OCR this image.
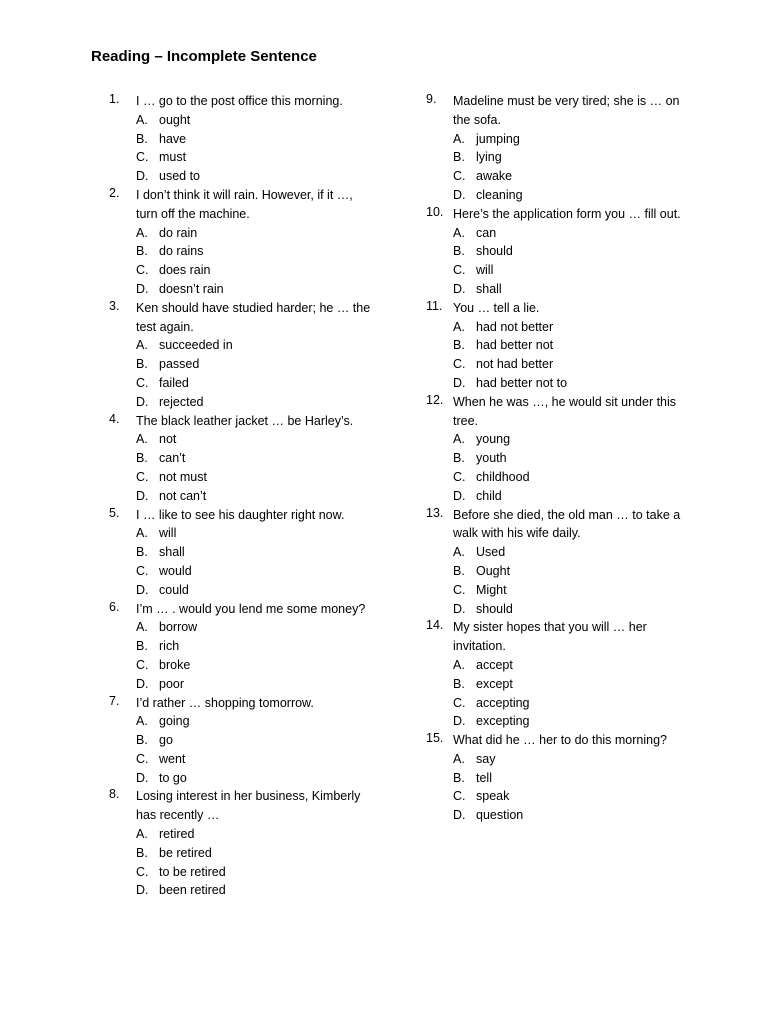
Reading – Incomplete Sentence
1.	I … go to the post office this morning.
A. ought
B. have
C. must
D. used to
2.	I don’t think it will rain. However, if it …, turn off the machine.
A. do rain
B. do rains
C. does rain
D. doesn’t rain
3.	Ken should have studied harder; he … the test again.
A. succeeded in
B. passed
C. failed
D. rejected
4.	The black leather jacket … be Harley’s.
A. not
B. can’t
C. not must
D. not can’t
5.	I … like to see his daughter right now.
A. will
B. shall
C. would
D. could
6.	I’m … . would you lend me some money?
A. borrow
B. rich
C. broke
D. poor
7.	I’d rather … shopping tomorrow.
A. going
B. go
C. went
D. to go
8.	Losing interest in her business, Kimberly has recently …
A. retired
B. be retired
C. to be retired
D. been retired
9.	Madeline must be very tired; she is … on the sofa.
A. jumping
B. lying
C. awake
D. cleaning
10. Here’s the application form you … fill out.
A. can
B. should
C. will
D. shall
11. You … tell a lie.
A. had not better
B. had better not
C. not had better
D. had better not to
12. When he was …, he would sit under this tree.
A. young
B. youth
C. childhood
D. child
13. Before she died, the old man … to take a walk with his wife daily.
A. Used
B. Ought
C. Might
D. should
14. My sister hopes that you will … her invitation.
A. accept
B. except
C. accepting
D. excepting
15. What did he … her to do this morning?
A. say
B. tell
C. speak
D. question
